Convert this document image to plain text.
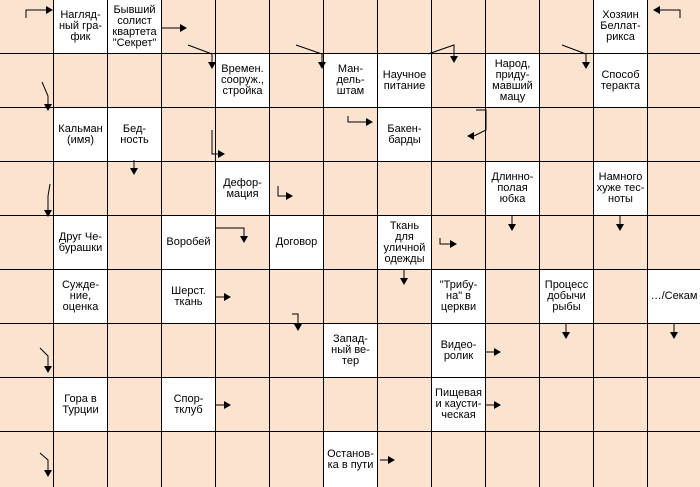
Нагляд-
ный гра-
фик
Бывший
солист
квартета
"Секрет"
Хозяин
Беллат-
рикса
Времен.
сооруж.,
стройка
Ман-
дель-
штам
Научное
питание
Народ,
приду-
мавший
мацу
Способ
теракта
Кальман
(имя)
Бед-
ность
Бакен-
барды
Дефор-
мация
Длинно-
полая
юбка
Намного
хуже тес-
ноты
Друг Че-
бурашки	Воробей	Договор
Ткань
для
уличной
одежды
Сужде-
ние,
оценка
Шерст.
ткань
"Трибу-
на" в
церкви
Процесс
добычи
рыбы
…/Секам
Запад-
ный ве-
тер
Видео-
ролик
Гора в
Турции
Спор-
тклуб
Пищевая
и каусти-
ческая
Останов-
ка в пути
